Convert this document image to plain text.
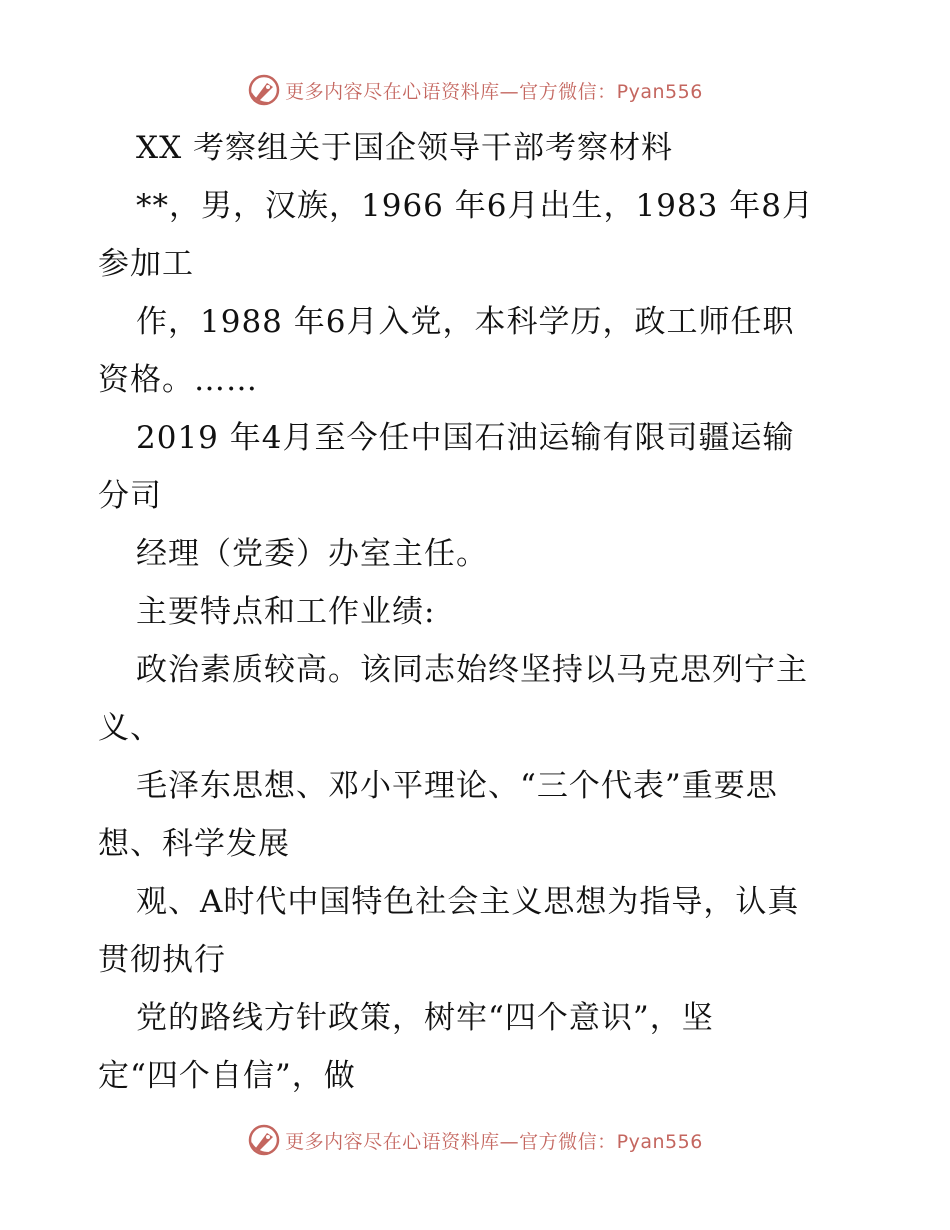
更多内容尽在心语资料库—官方微信：Pyan556
XX 考察组关于国企领导干部考察材料
**，男，汉族，1966 年6月出生，1983 年8月
参加工
作，1988 年6月入党，本科学历，政工师任职
资格。……
2019 年4月至今任中国石油运输有限司疆运输
分司
经理（党委）办室主任。
主要特点和工作业绩:
政治素质较高。该同志始终坚持以马克思列宁主
义、
毛泽东思想、邓小平理论、“三个代表”重要思
想、科学发展
观、A时代中国特色社会主义思想为指导，认真
贯彻执行
党的路线方针政策，树牢“四个意识”，坚
定“四个自信”，做
更多内容尽在心语资料库—官方微信：Pyan556
